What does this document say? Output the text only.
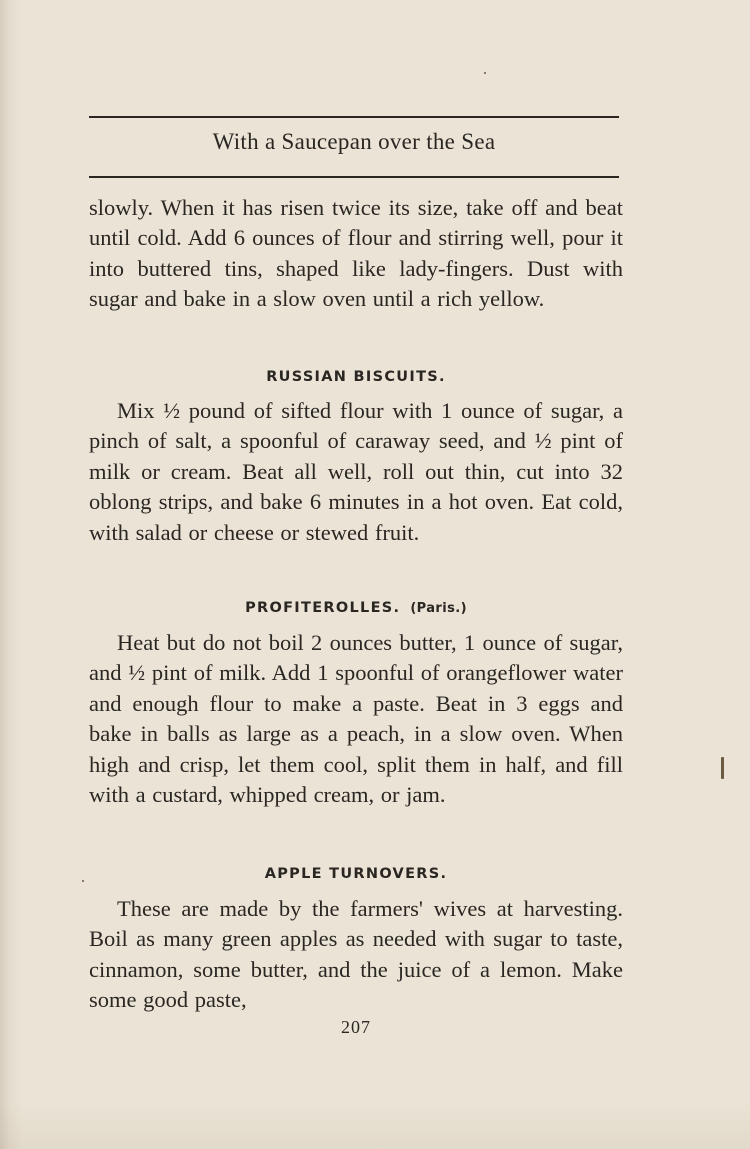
With a Saucepan over the Sea
slowly. When it has risen twice its size, take off and beat until cold. Add 6 ounces of flour and stirring well, pour it into buttered tins, shaped like lady-fingers. Dust with sugar and bake in a slow oven until a rich yellow.
RUSSIAN BISCUITS.
Mix ½ pound of sifted flour with 1 ounce of sugar, a pinch of salt, a spoonful of caraway seed, and ½ pint of milk or cream. Beat all well, roll out thin, cut into 32 oblong strips, and bake 6 minutes in a hot oven. Eat cold, with salad or cheese or stewed fruit.
PROFITEROLLES. (Paris.)
Heat but do not boil 2 ounces butter, 1 ounce of sugar, and ½ pint of milk. Add 1 spoonful of orangeflower water and enough flour to make a paste. Beat in 3 eggs and bake in balls as large as a peach, in a slow oven. When high and crisp, let them cool, split them in half, and fill with a custard, whipped cream, or jam.
APPLE TURNOVERS.
These are made by the farmers' wives at harvesting. Boil as many green apples as needed with sugar to taste, cinnamon, some butter, and the juice of a lemon. Make some good paste,
207
